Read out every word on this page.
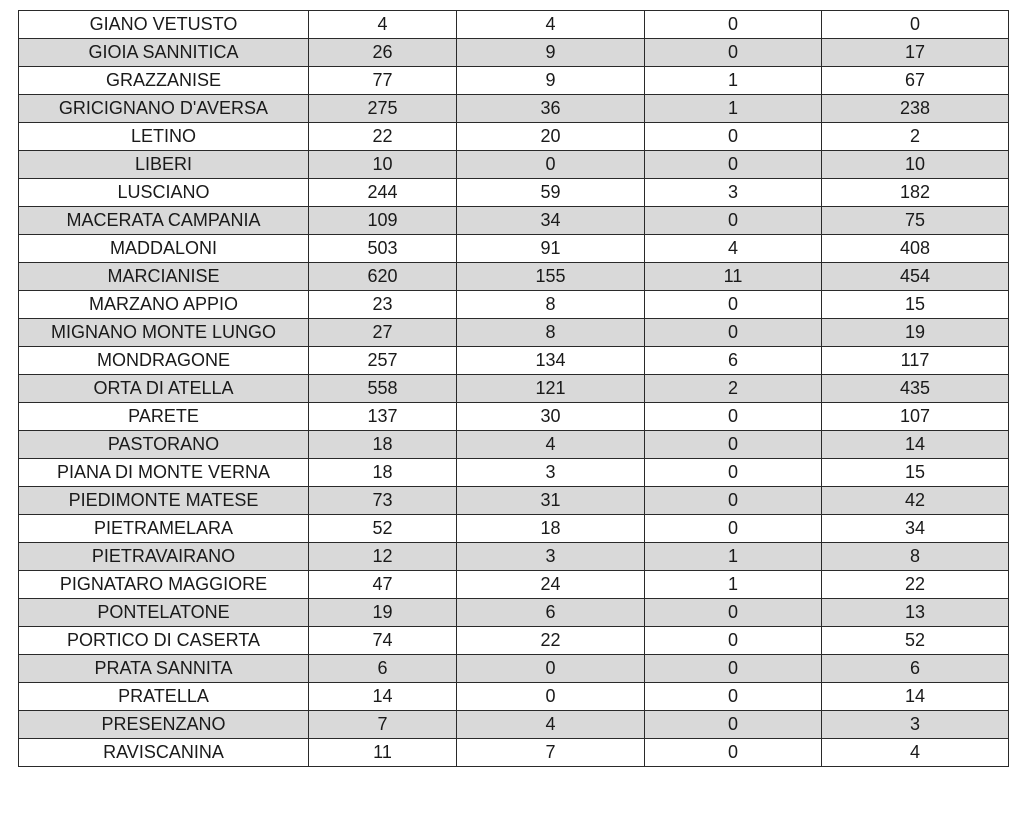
GIANO VETUSTO	4	4	0	0
GIOIA SANNITICA	26	9	0	17
GRAZZANISE	77	9	1	67
GRICIGNANO D'AVERSA	275	36	1	238
LETINO	22	20	0	2
LIBERI	10	0	0	10
LUSCIANO	244	59	3	182
MACERATA CAMPANIA	109	34	0	75
MADDALONI	503	91	4	408
MARCIANISE	620	155	11	454
MARZANO APPIO	23	8	0	15
MIGNANO MONTE LUNGO	27	8	0	19
MONDRAGONE	257	134	6	117
ORTA DI ATELLA	558	121	2	435
PARETE	137	30	0	107
PASTORANO	18	4	0	14
PIANA DI MONTE VERNA	18	3	0	15
PIEDIMONTE MATESE	73	31	0	42
PIETRAMELARA	52	18	0	34
PIETRAVAIRANO	12	3	1	8
PIGNATARO MAGGIORE	47	24	1	22
PONTELATONE	19	6	0	13
PORTICO DI CASERTA	74	22	0	52
PRATA SANNITA	6	0	0	6
PRATELLA	14	0	0	14
PRESENZANO	7	4	0	3
RAVISCANINA	11	7	0	4
